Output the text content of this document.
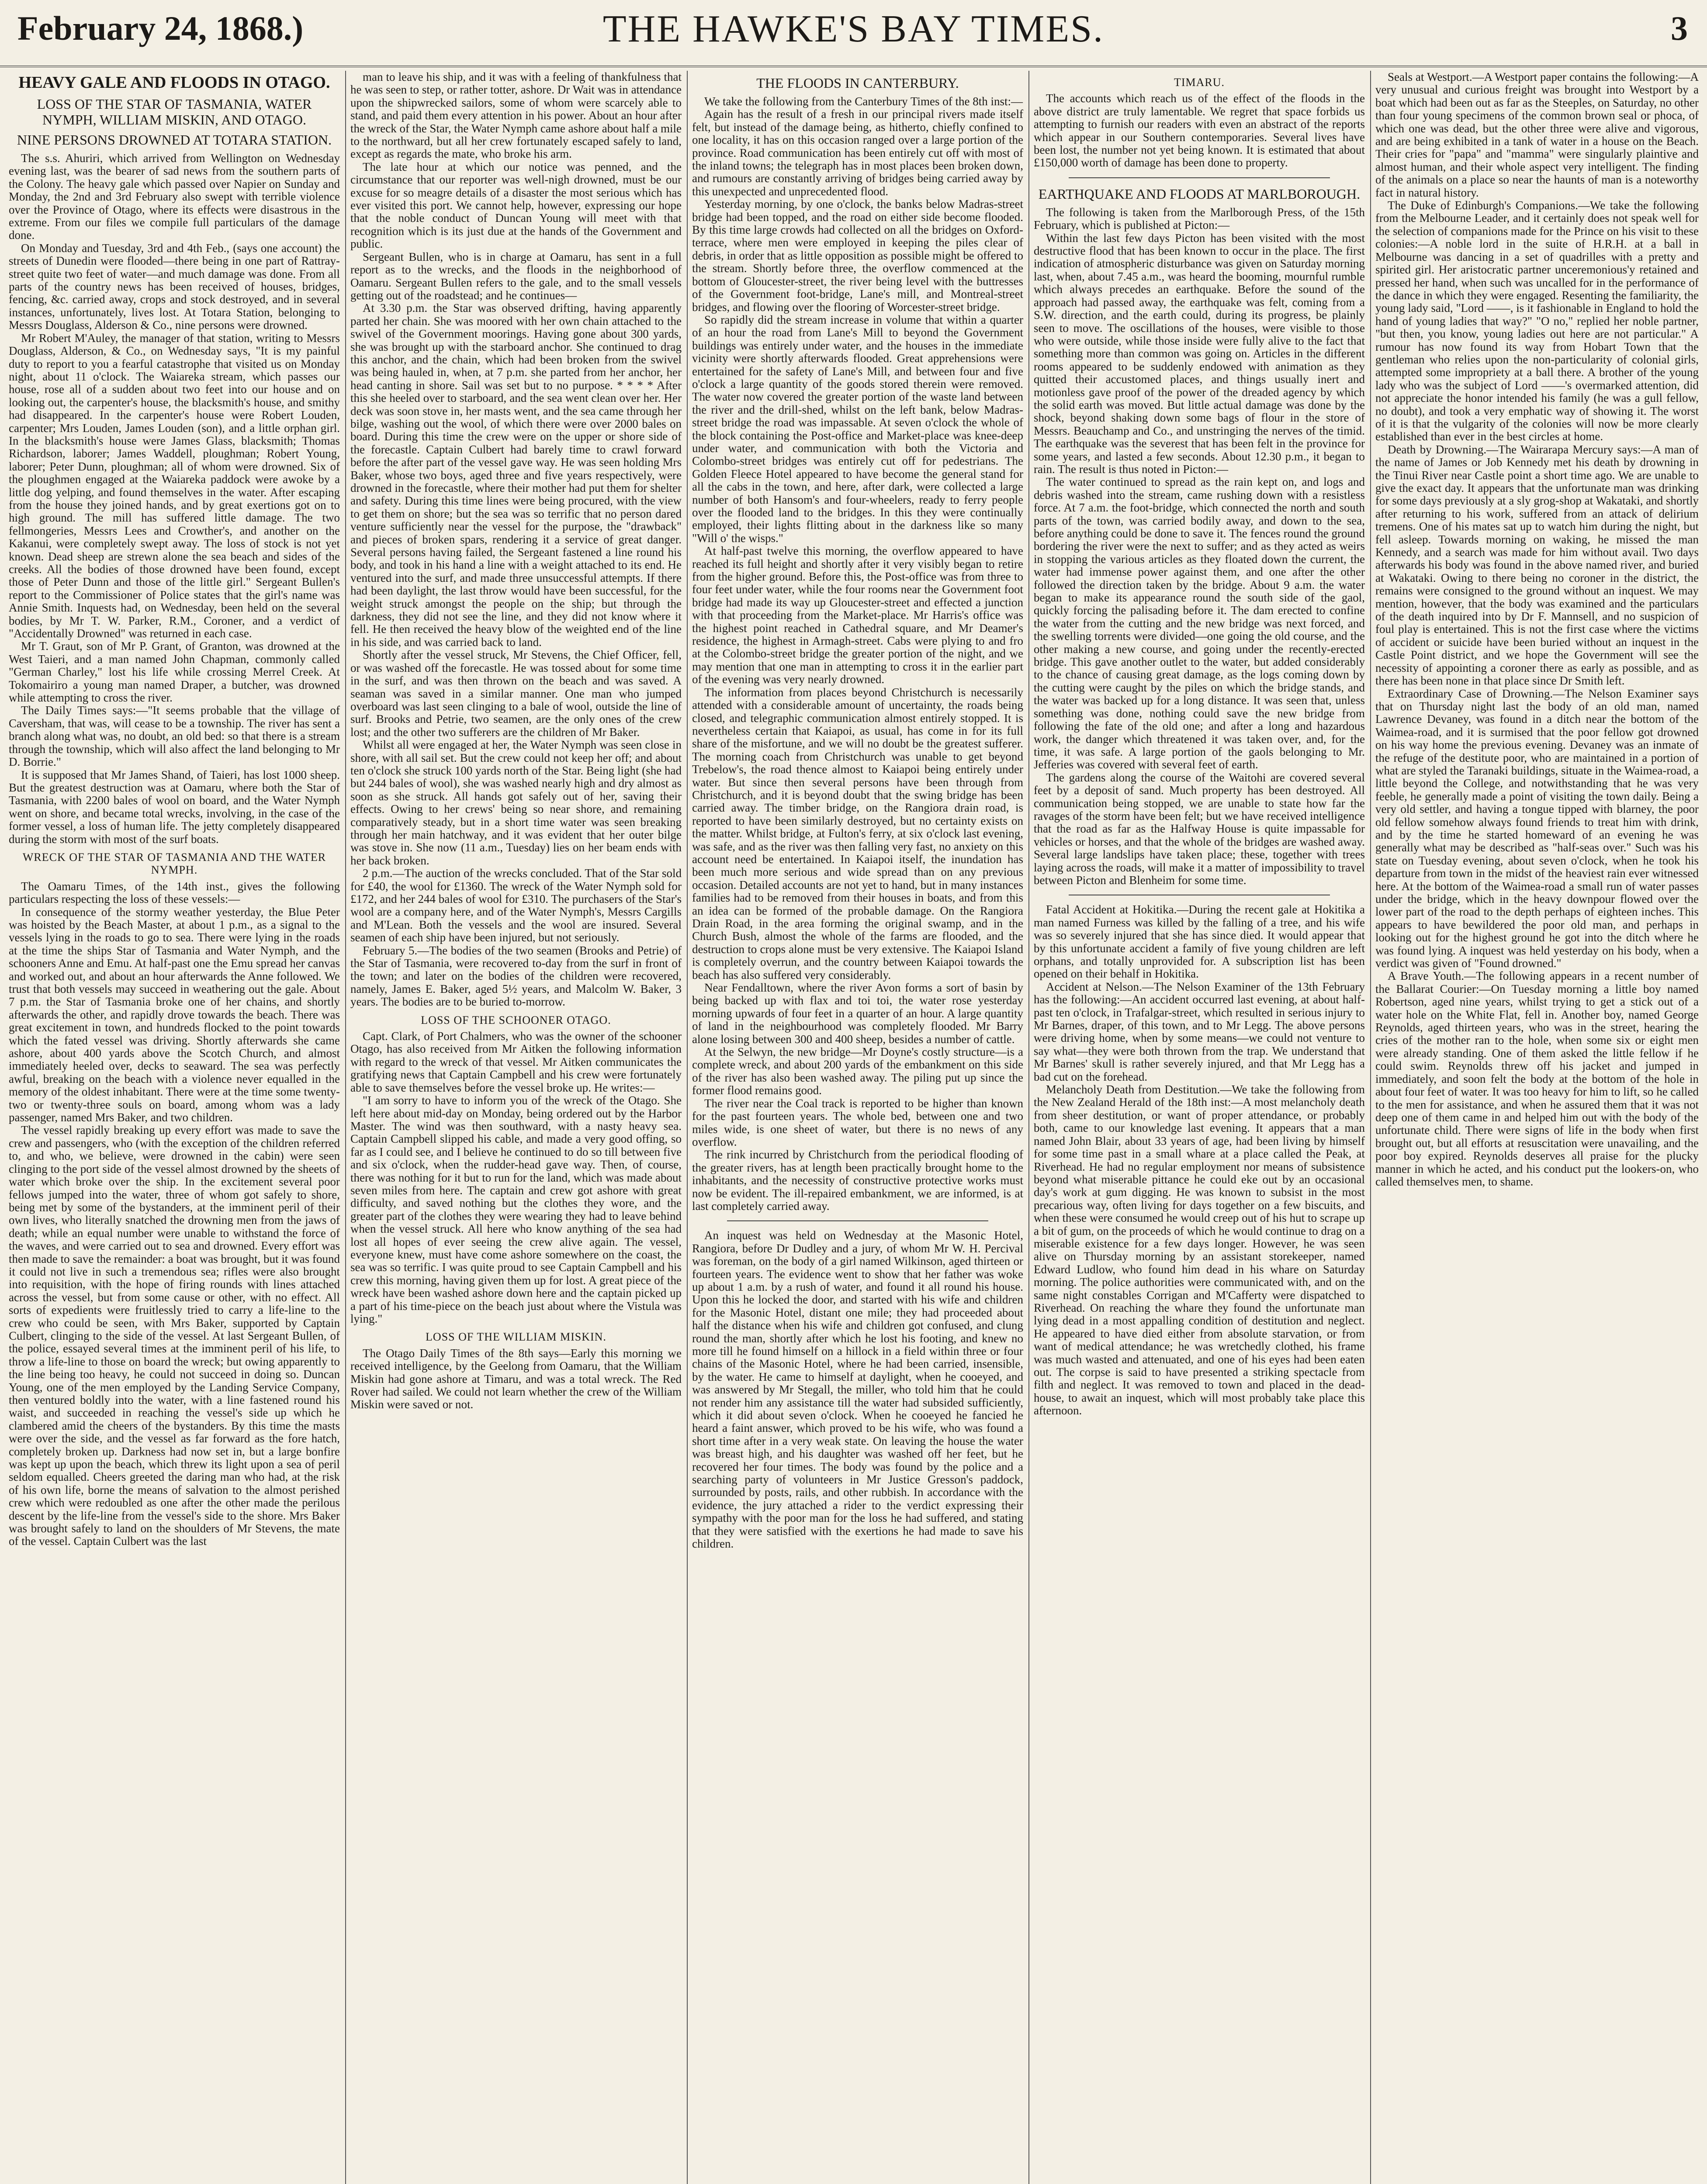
February 24, 1868.)	THE HAWKE'S BAY TIMES.	3
HEAVY GALE AND FLOODS IN OTAGO.
LOSS OF THE STAR OF TASMANIA, WATER NYMPH, WILLIAM MISKIN, AND OTAGO.
NINE PERSONS DROWNED AT TOTARA STATION.

The s.s. Ahuriri, which arrived from Wellington on Wednesday evening last, was the bearer of sad news from the southern parts of the Colony. The heavy gale which passed over Napier on Sunday and Monday, the 2nd and 3rd February also swept with terrible violence over the Province of Otago, where its effects were disastrous in the extreme. From our files we compile full particulars of the damage done.

On Monday and Tuesday, 3rd and 4th Feb., (says one account) the streets of Dunedin were flooded—there being in one part of Rattray-street quite two feet of water—and much damage was done. From all parts of the country news has been received of houses, bridges, fencing, &c. carried away, crops and stock destroyed, and in several instances, unfortunately, lives lost. At Totara Station, belonging to Messrs Douglass, Alderson & Co., nine persons were drowned.

Mr Robert M'Auley, the manager of that station, writing to Messrs Douglass, Alderson, & Co., on Wednesday says, "It is my painful duty to report to you a fearful catastrophe that visited us on Monday night, about 11 o'clock. The Waiareka stream, which passes our house, rose all of a sudden about two feet into our house and on looking out, the carpenter's house, the blacksmith's house, and smithy had disappeared. In the carpenter's house were Robert Louden, carpenter; Mrs Louden, James Louden (son), and a little orphan girl. In the blacksmith's house were James Glass, blacksmith; Thomas Richardson, laborer; James Waddell, ploughman; Robert Young, laborer; Peter Dunn, ploughman; all of whom were drowned. Six of the ploughmen engaged at the Waiareka paddock were awoke by a little dog yelping, and found themselves in the water. After escaping from the house they joined hands, and by great exertions got on to high ground. The mill has suffered little damage. The two fellmongeries, Messrs Lees and Crowther's, and another on the Kakanui, were completely swept away. The loss of stock is not yet known. Dead sheep are strewn alone the sea beach and sides of the creeks. All the bodies of those drowned have been found, except those of Peter Dunn and those of the little girl." Sergeant Bullen's report to the Commissioner of Police states that the girl's name was Annie Smith. Inquests had, on Wednesday, been held on the several bodies, by Mr T. W. Parker, R.M., Coroner, and a verdict of "Accidentally Drowned" was returned in each case.

Mr T. Graut, son of Mr P. Grant, of Granton, was drowned at the West Taieri, and a man named John Chapman, commonly called "German Charley," lost his life while crossing Merrel Creek. At Tokomairiro a young man named Draper, a butcher, was drowned while attempting to cross the river.

The Daily Times says:—"It seems probable that the village of Caversham, that was, will cease to be a township. The river has sent a branch along what was, no doubt, an old bed: so that there is a stream through the township, which will also affect the land belonging to Mr D. Borrie."

It is supposed that Mr James Shand, of Taieri, has lost 1000 sheep. But the greatest destruction was at Oamaru, where both the Star of Tasmania, with 2200 bales of wool on board, and the Water Nymph went on shore, and became total wrecks, involving, in the case of the former vessel, a loss of human life. The jetty completely disappeared during the storm with most of the surf boats.

WRECK OF THE STAR OF TASMANIA AND THE WATER NYMPH.

The Oamaru Times, of the 14th inst., gives the following particulars respecting the loss of these vessels:—

In consequence of the stormy weather yesterday, the Blue Peter was hoisted by the Beach Master, at about 1 p.m., as a signal to the vessels lying in the roads to go to sea. There were lying in the roads at the time the ships Star of Tasmania and Water Nymph, and the schooners Anne and Emu. At half-past one the Emu spread her canvas and worked out, and about an hour afterwards the Anne followed. We trust that both vessels may succeed in weathering out the gale. About 7 p.m. the Star of Tasmania broke one of her chains, and shortly afterwards the other, and rapidly drove towards the beach. There was great excitement in town, and hundreds flocked to the point towards which the fated vessel was driving. Shortly afterwards she came ashore, about 400 yards above the Scotch Church, and almost immediately heeled over, decks to seaward. The sea was perfectly awful, breaking on the beach with a violence never equalled in the memory of the oldest inhabitant. There were at the time some twenty-two or twenty-three souls on board, among whom was a lady passenger, named Mrs Baker, and two children.

The vessel rapidly breaking up every effort was made to save the crew and passengers, who (with the exception of the children referred to, and who, we believe, were drowned in the cabin) were seen clinging to the port side of the vessel almost drowned by the sheets of water which broke over the ship. In the excitement several poor fellows jumped into the water, three of whom got safely to shore, being met by some of the bystanders, at the imminent peril of their own lives, who literally snatched the drowning men from the jaws of death; while an equal number were unable to withstand the force of the waves, and were carried out to sea and drowned. Every effort was then made to save the remainder: a boat was brought, but it was found it could not live in such a tremendous sea; rifles were also brought into requisition, with the hope of firing rounds with lines attached across the vessel, but from some cause or other, with no effect. All sorts of expedients were fruitlessly tried to carry a life-line to the crew who could be seen, with Mrs Baker, supported by Captain Culbert, clinging to the side of the vessel. At last Sergeant Bullen, of the police, essayed several times at the imminent peril of his life, to throw a life-line to those on board the wreck; but owing apparently to the line being too heavy, he could not succeed in doing so. Duncan Young, one of the men employed by the Landing Service Company, then ventured boldly into the water, with a line fastened round his waist, and succeeded in reaching the vessel's side up which he clambered amid the cheers of the bystanders. By this time the masts were over the side, and the vessel as far forward as the fore hatch, completely broken up. Darkness had now set in, but a large bonfire was kept up upon the beach, which threw its light upon a sea of peril seldom equalled. Cheers greeted the daring man who had, at the risk of his own life, borne the means of salvation to the almost perished crew which were redoubled as one after the other made the perilous descent by the life-line from the vessel's side to the shore. Mrs Baker was brought safely to land on the shoulders of Mr Stevens, the mate of the vessel. Captain Culbert was the last

man to leave his ship, and it was with a feeling of thankfulness that he was seen to step, or rather totter, ashore. Dr Wait was in attendance upon the shipwrecked sailors, some of whom were scarcely able to stand, and paid them every attention in his power. About an hour after the wreck of the Star, the Water Nymph came ashore about half a mile to the northward, but all her crew fortunately escaped safely to land, except as regards the mate, who broke his arm.

The late hour at which our notice was penned, and the circumstance that our reporter was well-nigh drowned, must be our excuse for so meagre details of a disaster the most serious which has ever visited this port. We cannot help, however, expressing our hope that the noble conduct of Duncan Young will meet with that recognition which is its just due at the hands of the Government and public.

Sergeant Bullen, who is in charge at Oamaru, has sent in a full report as to the wrecks, and the floods in the neighborhood of Oamaru. Sergeant Bullen refers to the gale, and to the small vessels getting out of the roadstead; and he continues—

At 3.30 p.m. the Star was observed drifting, having apparently parted her chain. She was moored with her own chain attached to the swivel of the Government moorings. Having gone about 300 yards, she was brought up with the starboard anchor. She continued to drag this anchor, and the chain, which had been broken from the swivel was being hauled in, when, at 7 p.m. she parted from her anchor, her head canting in shore. Sail was set but to no purpose. * * * * After this she heeled over to starboard, and the sea went clean over her. Her deck was soon stove in, her masts went, and the sea came through her bilge, washing out the wool, of which there were over 2000 bales on board. During this time the crew were on the upper or shore side of the forecastle. Captain Culbert had barely time to crawl forward before the after part of the vessel gave way. He was seen holding Mrs Baker, whose two boys, aged three and five years respectively, were drowned in the forecastle, where their mother had put them for shelter and safety. During this time lines were being procured, with the view to get them on shore; but the sea was so terrific that no person dared venture sufficiently near the vessel for the purpose, the "drawback" and pieces of broken spars, rendering it a service of great danger. Several persons having failed, the Sergeant fastened a line round his body, and took in his hand a line with a weight attached to its end. He ventured into the surf, and made three unsuccessful attempts. If there had been daylight, the last throw would have been successful, for the weight struck amongst the people on the ship; but through the darkness, they did not see the line, and they did not know where it fell. He then received the heavy blow of the weighted end of the line in his side, and was carried back to land.

Shortly after the vessel struck, Mr Stevens, the Chief Officer, fell, or was washed off the forecastle. He was tossed about for some time in the surf, and was then thrown on the beach and was saved. A seaman was saved in a similar manner. One man who jumped overboard was last seen clinging to a bale of wool, outside the line of surf. Brooks and Petrie, two seamen, are the only ones of the crew lost; and the other two sufferers are the children of Mr Baker.

Whilst all were engaged at her, the Water Nymph was seen close in shore, with all sail set. But the crew could not keep her off; and about ten o'clock she struck 100 yards north of the Star. Being light (she had but 244 bales of wool), she was washed nearly high and dry almost as soon as she struck. All hands got safely out of her, saving their effects. Owing to her crews' being so near shore, and remaining comparatively steady, but in a short time water was seen breaking through her main hatchway, and it was evident that her outer bilge was stove in. She now (11 a.m., Tuesday) lies on her beam ends with her back broken.

2 p.m.—The auction of the wrecks concluded. That of the Star sold for £40, the wool for £1360. The wreck of the Water Nymph sold for £172, and her 244 bales of wool for £310. The purchasers of the Star's wool are a company here, and of the Water Nymph's, Messrs Cargills and M'Lean. Both the vessels and the wool are insured. Several seamen of each ship have been injured, but not seriously.

February 5.—The bodies of the two seamen (Brooks and Petrie) of the Star of Tasmania, were recovered to-day from the surf in front of the town; and later on the bodies of the children were recovered, namely, James E. Baker, aged 5½ years, and Malcolm W. Baker, 3 years. The bodies are to be buried to-morrow.

LOSS OF THE SCHOONER OTAGO.

Capt. Clark, of Port Chalmers, who was the owner of the schooner Otago, has also received from Mr Aitken the following information with regard to the wreck of that vessel. Mr Aitken communicates the gratifying news that Captain Campbell and his crew were fortunately able to save themselves before the vessel broke up. He writes:—

"I am sorry to have to inform you of the wreck of the Otago. She left here about mid-day on Monday, being ordered out by the Harbor Master. The wind was then southward, with a nasty heavy sea. Captain Campbell slipped his cable, and made a very good offing, so far as I could see, and I believe he continued to do so till between five and six o'clock, when the rudder-head gave way. Then, of course, there was nothing for it but to run for the land, which was made about seven miles from here. The captain and crew got ashore with great difficulty, and saved nothing but the clothes they wore, and the greater part of the clothes they were wearing they had to leave behind when the vessel struck. All here who know anything of the sea had lost all hopes of ever seeing the crew alive again. The vessel, everyone knew, must have come ashore somewhere on the coast, the sea was so terrific. I was quite proud to see Captain Campbell and his crew this morning, having given them up for lost. A great piece of the wreck have been washed ashore down here and the captain picked up a part of his time-piece on the beach just about where the Vistula was lying."

LOSS OF THE WILLIAM MISKIN.

The Otago Daily Times of the 8th says—Early this morning we received intelligence, by the Geelong from Oamaru, that the William Miskin had gone ashore at Timaru, and was a total wreck. The Red Rover had sailed. We could not learn whether the crew of the William Miskin were saved or not.

THE FLOODS IN CANTERBURY.

We take the following from the Canterbury Times of the 8th inst:—

Again has the result of a fresh in our principal rivers made itself felt, but instead of the damage being, as hitherto, chiefly confined to one locality, it has on this occasion ranged over a large portion of the province. Road communication has been entirely cut off with most of the inland towns; the telegraph has in most places been broken down, and rumours are constantly arriving of bridges being carried away by this unexpected and unprecedented flood.

Yesterday morning, by one o'clock, the banks below Madras-street bridge had been topped, and the road on either side become flooded. By this time large crowds had collected on all the bridges on Oxford-terrace, where men were employed in keeping the piles clear of debris, in order that as little opposition as possible might be offered to the stream. Shortly before three, the overflow commenced at the bottom of Gloucester-street, the river being level with the buttresses of the Government foot-bridge, Lane's mill, and Montreal-street bridges, and flowing over the flooring of Worcester-street bridge.

So rapidly did the stream increase in volume that within a quarter of an hour the road from Lane's Mill to beyond the Government buildings was entirely under water, and the houses in the immediate vicinity were shortly afterwards flooded. Great apprehensions were entertained for the safety of Lane's Mill, and between four and five o'clock a large quantity of the goods stored therein were removed. The water now covered the greater portion of the waste land between the river and the drill-shed, whilst on the left bank, below Madras-street bridge the road was impassable. At seven o'clock the whole of the block containing the Post-office and Market-place was knee-deep under water, and communication with both the Victoria and Colombo-street bridges was entirely cut off for pedestrians. The Golden Fleece Hotel appeared to have become the general stand for all the cabs in the town, and here, after dark, were collected a large number of both Hansom's and four-wheelers, ready to ferry people over the flooded land to the bridges. In this they were continually employed, their lights flitting about in the darkness like so many "Will o' the wisps."

At half-past twelve this morning, the overflow appeared to have reached its full height and shortly after it very visibly began to retire from the higher ground. Before this, the Post-office was from three to four feet under water, while the four rooms near the Government foot bridge had made its way up Gloucester-street and effected a junction with that proceeding from the Market-place. Mr Harris's office was the highest point reached in Cathedral square, and Mr Deamer's residence, the highest in Armagh-street. Cabs were plying to and fro at the Colombo-street bridge the greater portion of the night, and we may mention that one man in attempting to cross it in the earlier part of the evening was very nearly drowned.

The information from places beyond Christchurch is necessarily attended with a considerable amount of uncertainty, the roads being closed, and telegraphic communication almost entirely stopped. It is nevertheless certain that Kaiapoi, as usual, has come in for its full share of the misfortune, and we will no doubt be the greatest sufferer. The morning coach from Christchurch was unable to get beyond Trebelow's, the road thence almost to Kaiapoi being entirely under water. But since then several persons have been through from Christchurch, and it is beyond doubt that the swing bridge has been carried away. The timber bridge, on the Rangiora drain road, is reported to have been similarly destroyed, but no certainty exists on the matter. Whilst bridge, at Fulton's ferry, at six o'clock last evening, was safe, and as the river was then falling very fast, no anxiety on this account need be entertained. In Kaiapoi itself, the inundation has been much more serious and wide spread than on any previous occasion. Detailed accounts are not yet to hand, but in many instances families had to be removed from their houses in boats, and from this an idea can be formed of the probable damage. On the Rangiora Drain Road, in the area forming the original swamp, and in the Church Bush, almost the whole of the farms are flooded, and the destruction to crops alone must be very extensive. The Kaiapoi Island is completely overrun, and the country between Kaiapoi towards the beach has also suffered very considerably.

Near Fendalltown, where the river Avon forms a sort of basin by being backed up with flax and toi toi, the water rose yesterday morning upwards of four feet in a quarter of an hour. A large quantity of land in the neighbourhood was completely flooded. Mr Barry alone losing between 300 and 400 sheep, besides a number of cattle.

At the Selwyn, the new bridge—Mr Doyne's costly structure—is a complete wreck, and about 200 yards of the embankment on this side of the river has also been washed away. The piling put up since the former flood remains good.

The river near the Coal track is reported to be higher than known for the past fourteen years. The whole bed, between one and two miles wide, is one sheet of water, but there is no news of any overflow.

The rink incurred by Christchurch from the periodical flooding of the greater rivers, has at length been practically brought home to the inhabitants, and the necessity of constructive protective works must now be evident. The ill-repaired embankment, we are informed, is at last completely carried away.

An inquest was held on Wednesday at the Masonic Hotel, Rangiora, before Dr Dudley and a jury, of whom Mr W. H. Percival was foreman, on the body of a girl named Wilkinson, aged thirteen or fourteen years. The evidence went to show that her father was woke up about 1 a.m. by a rush of water, and found it all round his house. Upon this he locked the door, and started with his wife and children for the Masonic Hotel, distant one mile; they had proceeded about half the distance when his wife and children got confused, and clung round the man, shortly after which he lost his footing, and knew no more till he found himself on a hillock in a field within three or four chains of the Masonic Hotel, where he had been carried, insensible, by the water. He came to himself at daylight, when he cooeyed, and was answered by Mr Stegall, the miller, who told him that he could not render him any assistance till the water had subsided sufficiently, which it did about seven o'clock. When he cooeyed he fancied he heard a faint answer, which proved to be his wife, who was found a short time after in a very weak state. On leaving the house the water was breast high, and his daughter was washed off her feet, but he recovered her four times. The body was found by the police and a searching party of volunteers in Mr Justice Gresson's paddock, surrounded by posts, rails, and other rubbish. In accordance with the evidence, the jury attached a rider to the verdict expressing their sympathy with the poor man for the loss he had suffered, and stating that they were satisfied with the exertions he had made to save his children.

TIMARU.

The accounts which reach us of the effect of the floods in the above district are truly lamentable. We regret that space forbids us attempting to furnish our readers with even an abstract of the reports which appear in our Southern contemporaries. Several lives have been lost, the number not yet being known. It is estimated that about £150,000 worth of damage has been done to property.

EARTHQUAKE AND FLOODS AT MARLBOROUGH.

The following is taken from the Marlborough Press, of the 15th February, which is published at Picton:—

Within the last few days Picton has been visited with the most destructive flood that has been known to occur in the place. The first indication of atmospheric disturbance was given on Saturday morning last, when, about 7.45 a.m., was heard the booming, mournful rumble which always precedes an earthquake. Before the sound of the approach had passed away, the earthquake was felt, coming from a S.W. direction, and the earth could, during its progress, be plainly seen to move. The oscillations of the houses, were visible to those who were outside, while those inside were fully alive to the fact that something more than common was going on. Articles in the different rooms appeared to be suddenly endowed with animation as they quitted their accustomed places, and things usually inert and motionless gave proof of the power of the dreaded agency by which the solid earth was moved. But little actual damage was done by the shock, beyond shaking down some bags of flour in the store of Messrs. Beauchamp and Co., and unstringing the nerves of the timid. The earthquake was the severest that has been felt in the province for some years, and lasted a few seconds. About 12.30 p.m., it began to rain. The result is thus noted in Picton:—

The water continued to spread as the rain kept on, and logs and debris washed into the stream, came rushing down with a resistless force. At 7 a.m. the foot-bridge, which connected the north and south parts of the town, was carried bodily away, and down to the sea, before anything could be done to save it. The fences round the ground bordering the river were the next to suffer; and as they acted as weirs in stopping the various articles as they floated down the current, the water had immense power against them, and one after the other followed the direction taken by the bridge. About 9 a.m. the water began to make its appearance round the south side of the gaol, quickly forcing the palisading before it. The dam erected to confine the water from the cutting and the new bridge was next forced, and the swelling torrents were divided—one going the old course, and the other making a new course, and going under the recently-erected bridge. This gave another outlet to the water, but added considerably to the chance of causing great damage, as the logs coming down by the cutting were caught by the piles on which the bridge stands, and the water was backed up for a long distance. It was seen that, unless something was done, nothing could save the new bridge from following the fate of the old one; and after a long and hazardous work, the danger which threatened it was taken over, and, for the time, it was safe. A large portion of the gaols belonging to Mr. Jefferies was covered with several feet of earth.

The gardens along the course of the Waitohi are covered several feet by a deposit of sand. Much property has been destroyed. All communication being stopped, we are unable to state how far the ravages of the storm have been felt; but we have received intelligence that the road as far as the Halfway House is quite impassable for vehicles or horses, and that the whole of the bridges are washed away. Several large landslips have taken place; these, together with trees laying across the roads, will make it a matter of impossibility to travel between Picton and Blenheim for some time.

Fatal Accident at Hokitika.—During the recent gale at Hokitika a man named Furness was killed by the falling of a tree, and his wife was so severely injured that she has since died. It would appear that by this unfortunate accident a family of five young children are left orphans, and totally unprovided for. A subscription list has been opened on their behalf in Hokitika.

Accident at Nelson.—The Nelson Examiner of the 13th February has the following:—An accident occurred last evening, at about half-past ten o'clock, in Trafalgar-street, which resulted in serious injury to Mr Barnes, draper, of this town, and to Mr Legg. The above persons were driving home, when by some means—we could not venture to say what—they were both thrown from the trap. We understand that Mr Barnes' skull is rather severely injured, and that Mr Legg has a bad cut on the forehead.

Melancholy Death from Destitution.—We take the following from the New Zealand Herald of the 18th inst:—A most melancholy death from sheer destitution, or want of proper attendance, or probably both, came to our knowledge last evening. It appears that a man named John Blair, about 33 years of age, had been living by himself for some time past in a small whare at a place called the Peak, at Riverhead. He had no regular employment nor means of subsistence beyond what miserable pittance he could eke out by an occasional day's work at gum digging. He was known to subsist in the most precarious way, often living for days together on a few biscuits, and when these were consumed he would creep out of his hut to scrape up a bit of gum, on the proceeds of which he would continue to drag on a miserable existence for a few days longer. However, he was seen alive on Thursday morning by an assistant storekeeper, named Edward Ludlow, who found him dead in his whare on Saturday morning. The police authorities were communicated with, and on the same night constables Corrigan and M'Cafferty were dispatched to Riverhead. On reaching the whare they found the unfortunate man lying dead in a most appalling condition of destitution and neglect. He appeared to have died either from absolute starvation, or from want of medical attendance; he was wretchedly clothed, his frame was much wasted and attenuated, and one of his eyes had been eaten out. The corpse is said to have presented a striking spectacle from filth and neglect. It was removed to town and placed in the dead-house, to await an inquest, which will most probably take place this afternoon.

Seals at Westport.—A Westport paper contains the following:—A very unusual and curious freight was brought into Westport by a boat which had been out as far as the Steeples, on Saturday, no other than four young specimens of the common brown seal or phoca, of which one was dead, but the other three were alive and vigorous, and are being exhibited in a tank of water in a house on the Beach. Their cries for "papa" and "mamma" were singularly plaintive and almost human, and their whole aspect very intelligent. The finding of the animals on a place so near the haunts of man is a noteworthy fact in natural history.

The Duke of Edinburgh's Companions.—We take the following from the Melbourne Leader, and it certainly does not speak well for the selection of companions made for the Prince on his visit to these colonies:—A noble lord in the suite of H.R.H. at a ball in Melbourne was dancing in a set of quadrilles with a pretty and spirited girl. Her aristocratic partner unceremonious'y retained and pressed her hand, when such was uncalled for in the performance of the dance in which they were engaged. Resenting the familiarity, the young lady said, "Lord ——, is it fashionable in England to hold the hand of young ladies that way?" "O no," replied her noble partner, "but then, you know, young ladies out here are not particular." A rumour has now found its way from Hobart Town that the gentleman who relies upon the non-particularity of colonial girls, attempted some impropriety at a ball there. A brother of the young lady who was the subject of Lord ——'s overmarked attention, did not appreciate the honor intended his family (he was a gull fellow, no doubt), and took a very emphatic way of showing it. The worst of it is that the vulgarity of the colonies will now be more clearly established than ever in the best circles at home.

Death by Drowning.—The Wairarapa Mercury says:—A man of the name of James or Job Kennedy met his death by drowning in the Tinui River near Castle point a short time ago. We are unable to give the exact day. It appears that the unfortunate man was drinking for some days previously at a sly grog-shop at Wakataki, and shortly after returning to his work, suffered from an attack of delirium tremens. One of his mates sat up to watch him during the night, but fell asleep. Towards morning on waking, he missed the man Kennedy, and a search was made for him without avail. Two days afterwards his body was found in the above named river, and buried at Wakataki. Owing to there being no coroner in the district, the remains were consigned to the ground without an inquest. We may mention, however, that the body was examined and the particulars of the death inquired into by Dr F. Mannsell, and no suspicion of foul play is entertained. This is not the first case where the victims of accident or suicide have been buried without an inquest in the Castle Point district, and we hope the Government will see the necessity of appointing a coroner there as early as possible, and as there has been none in that place since Dr Smith left.

Extraordinary Case of Drowning.—The Nelson Examiner says that on Thursday night last the body of an old man, named Lawrence Devaney, was found in a ditch near the bottom of the Waimea-road, and it is surmised that the poor fellow got drowned on his way home the previous evening. Devaney was an inmate of the refuge of the destitute poor, who are maintained in a portion of what are styled the Taranaki buildings, situate in the Waimea-road, a little beyond the College, and notwithstanding that he was very feeble, he generally made a point of visiting the town daily. Being a very old settler, and having a tongue tipped with blarney, the poor old fellow somehow always found friends to treat him with drink, and by the time he started homeward of an evening he was generally what may be described as "half-seas over." Such was his state on Tuesday evening, about seven o'clock, when he took his departure from town in the midst of the heaviest rain ever witnessed here. At the bottom of the Waimea-road a small run of water passes under the bridge, which in the heavy downpour flowed over the lower part of the road to the depth perhaps of eighteen inches. This appears to have bewildered the poor old man, and perhaps in looking out for the highest ground he got into the ditch where he was found lying. A inquest was held yesterday on his body, when a verdict was given of "Found drowned."

A Brave Youth.—The following appears in a recent number of the Ballarat Courier:—On Tuesday morning a little boy named Robertson, aged nine years, whilst trying to get a stick out of a water hole on the White Flat, fell in. Another boy, named George Reynolds, aged thirteen years, who was in the street, hearing the cries of the mother ran to the hole, when some six or eight men were already standing. One of them asked the little fellow if he could swim. Reynolds threw off his jacket and jumped in immediately, and soon felt the body at the bottom of the hole in about four feet of water. It was too heavy for him to lift, so he called to the men for assistance, and when he assured them that it was not deep one of them came in and helped him out with the body of the unfortunate child. There were signs of life in the body when first brought out, but all efforts at resuscitation were unavailing, and the poor boy expired. Reynolds deserves all praise for the plucky manner in which he acted, and his conduct put the lookers-on, who called themselves men, to shame.
